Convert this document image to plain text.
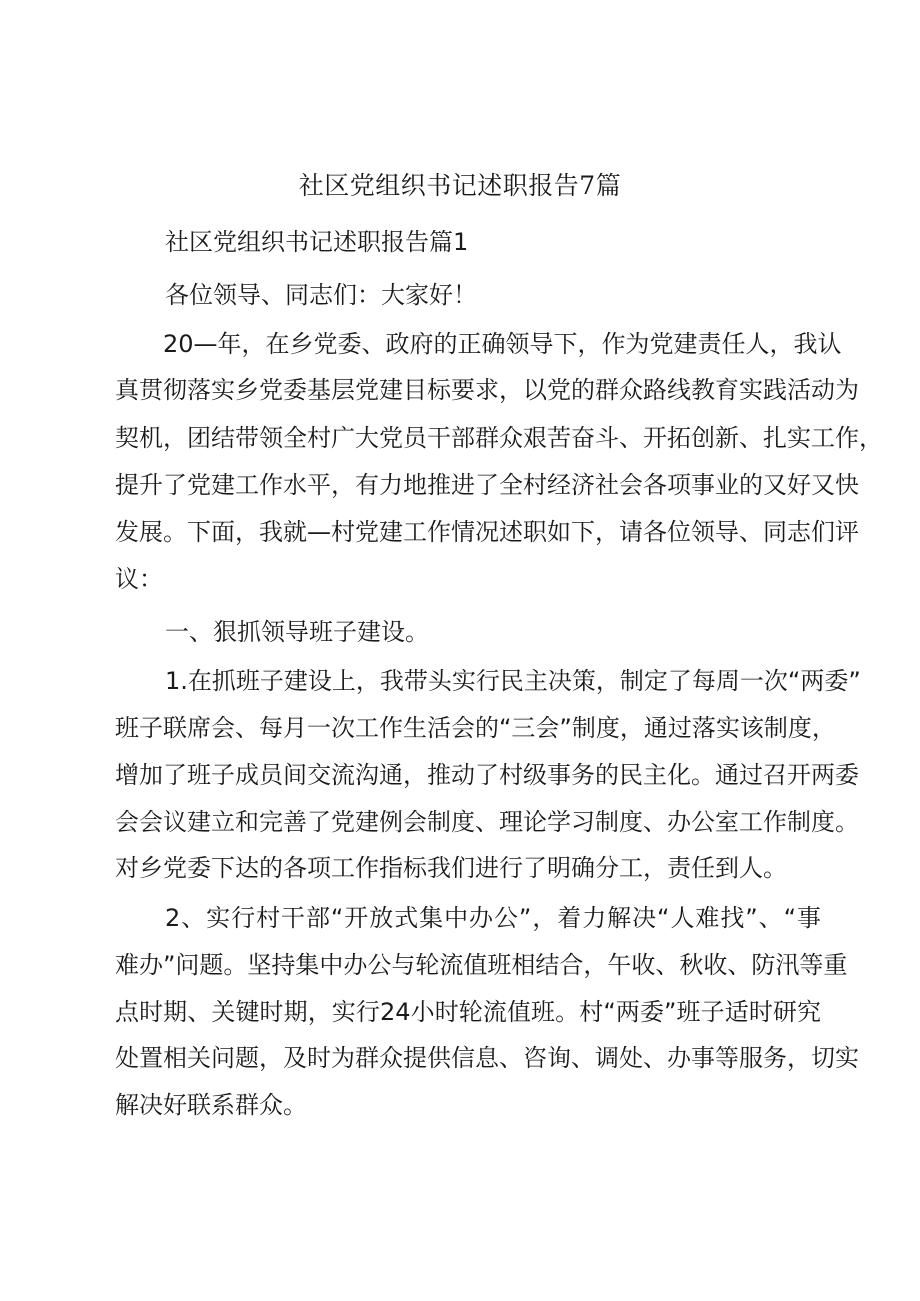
社区党组织书记述职报告7篇
社区党组织书记述职报告篇1
各位领导、同志们：大家好！
20—年，在乡党委、政府的正确领导下，作为党建责任人，我认
真贯彻落实乡党委基层党建目标要求，以党的群众路线教育实践活动为
契机，团结带领全村广大党员干部群众艰苦奋斗、开拓创新、扎实工作，
提升了党建工作水平，有力地推进了全村经济社会各项事业的又好又快
发展。下面，我就—村党建工作情况述职如下，请各位领导、同志们评
议：
一、狠抓领导班子建设。
1.在抓班子建设上，我带头实行民主决策，制定了每周一次“两委”
班子联席会、每月一次工作生活会的“三会”制度，通过落实该制度，
增加了班子成员间交流沟通，推动了村级事务的民主化。通过召开两委
会会议建立和完善了党建例会制度、理论学习制度、办公室工作制度。
对乡党委下达的各项工作指标我们进行了明确分工，责任到人。
2、实行村干部“开放式集中办公”，着力解决“人难找”、“事
难办”问题。坚持集中办公与轮流值班相结合，午收、秋收、防汛等重
点时期、关键时期，实行24小时轮流值班。村“两委”班子适时研究
处置相关问题，及时为群众提供信息、咨询、调处、办事等服务，切实
解决好联系群众。
